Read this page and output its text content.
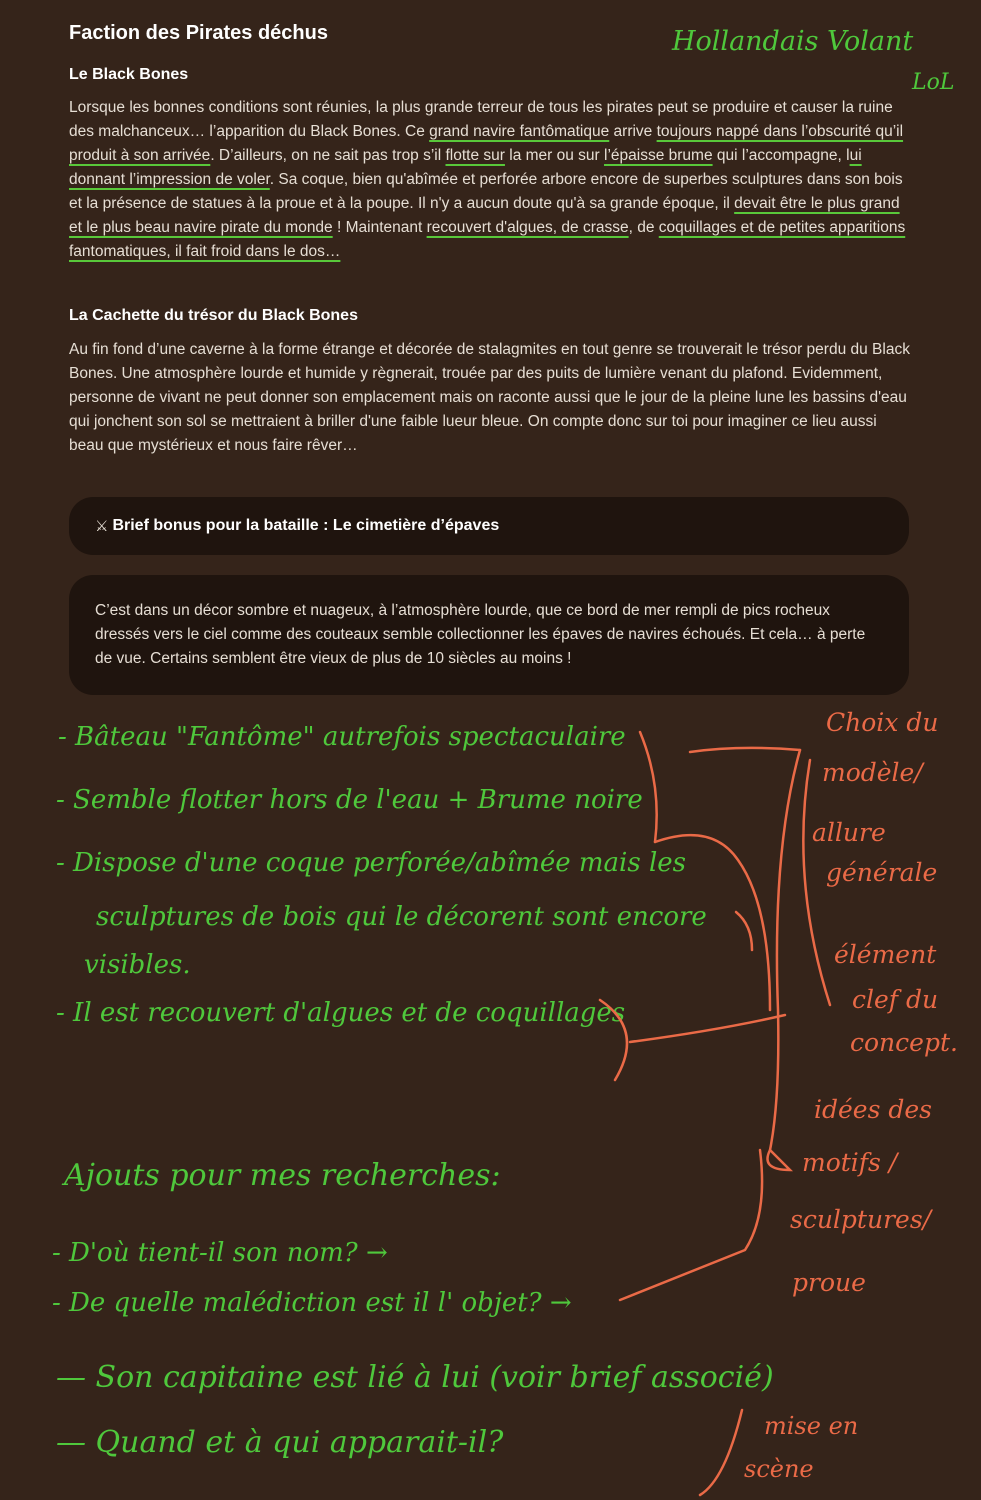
Faction des Pirates déchus
Le Black Bones

Lorsque les bonnes conditions sont réunies, la plus grande terreur de tous les pirates peut se produire et causer la ruine des malchanceux… l’apparition du Black Bones. Ce grand navire fantômatique arrive toujours nappé dans l’obscurité qu’il produit à son arrivée. D’ailleurs, on ne sait pas trop s’il flotte sur la mer ou sur l’épaisse brume qui l’accompagne, lui donnant l’impression de voler. Sa coque, bien qu'abîmée et perforée arbore encore de superbes sculptures dans son bois et la présence de statues à la proue et à la poupe. Il n'y a aucun doute qu'à sa grande époque, il devait être le plus grand et le plus beau navire pirate du monde ! Maintenant recouvert d'algues, de crasse, de coquillages et de petites apparitions fantomatiques, il fait froid dans le dos…

La Cachette du trésor du Black Bones

Au fin fond d’une caverne à la forme étrange et décorée de stalagmites en tout genre se trouverait le trésor perdu du Black Bones. Une atmosphère lourde et humide y règnerait, trouée par des puits de lumière venant du plafond. Evidemment, personne de vivant ne peut donner son emplacement mais on raconte aussi que le jour de la pleine lune les bassins d'eau qui jonchent son sol se mettraient à briller d'une faible lueur bleue. On compte donc sur toi pour imaginer ce lieu aussi beau que mystérieux et nous faire rêver…

⚔ Brief bonus pour la bataille : Le cimetière d’épaves

C’est dans un décor sombre et nuageux, à l’atmosphère lourde, que ce bord de mer rempli de pics rocheux dressés vers le ciel comme des couteaux semble collectionner les épaves de navires échoués. Et cela… à perte de vue. Certains semblent être vieux de plus de 10 siècles au moins !

Hollandais Volant
LoL
- Bâteau "Fantôme" autrefois spectaculaire
- Semble flotter hors de l'eau + Brume noire
- Dispose d'une coque perforée/abîmée mais les
sculptures de bois qui le décorent sont encore
visibles.
- Il est recouvert d'algues et de coquillages
Choix du
modèle/
allure
générale
élément
clef du
concept.
idées des
motifs /
sculptures/
proue
Ajouts pour mes recherches:
- D'où tient-il son nom? →
- De quelle malédiction est il l' objet? →
— Son capitaine est lié à lui (voir brief associé)
— Quand et à qui apparait-il?	mise en
scène
